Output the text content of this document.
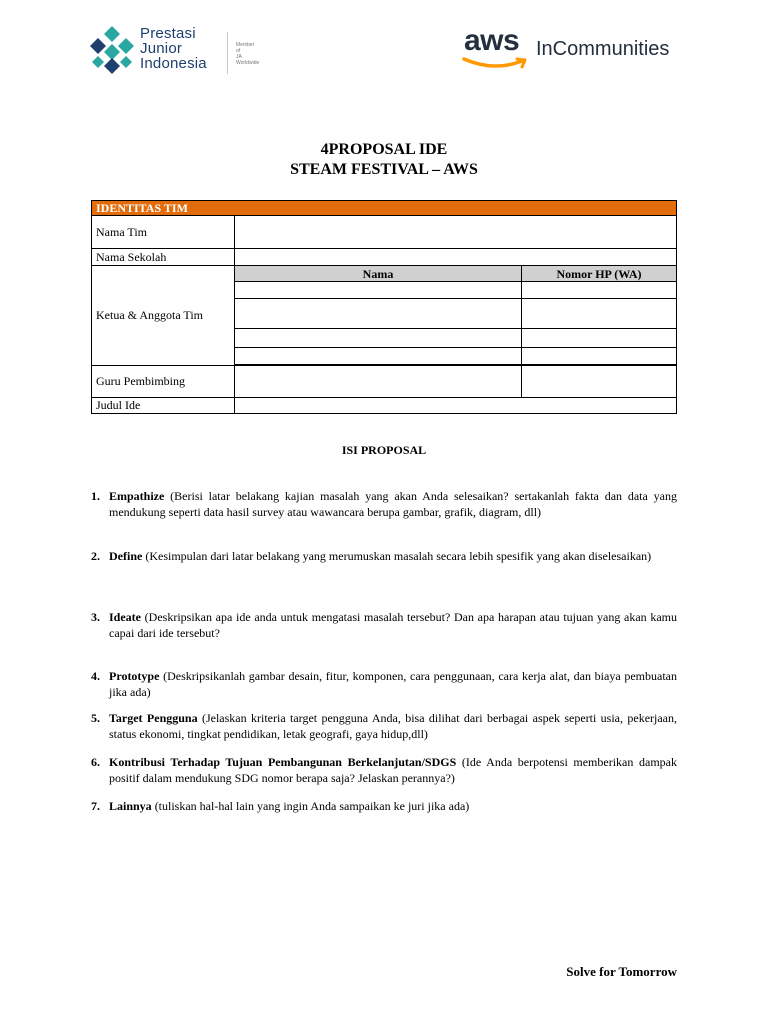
Prestasi
Junior
Indonesia
Member of
JA Worldwide
aws InCommunities
4PROPOSAL IDE
STEAM FESTIVAL – AWS
IDENTITAS TIM		
Nama Tim		
Nama Sekolah		
Ketua & Anggota Tim	Nama	Nomor HP (WA)

Guru Pembimbing		
Judul Ide		
ISI PROPOSAL
1. Empathize (Berisi latar belakang kajian masalah yang akan Anda selesaikan? sertakanlah fakta dan data yang mendukung seperti data hasil survey atau wawancara berupa gambar, grafik, diagram, dll)
2. Define (Kesimpulan dari latar belakang yang merumuskan masalah secara lebih spesifik yang akan diselesaikan)
3. Ideate (Deskripsikan apa ide anda untuk mengatasi masalah tersebut? Dan apa harapan atau tujuan yang akan kamu capai dari ide tersebut?
4. Prototype (Deskripsikanlah gambar desain, fitur, komponen, cara penggunaan, cara kerja alat, dan biaya pembuatan jika ada)
5. Target Pengguna (Jelaskan kriteria target pengguna Anda, bisa dilihat dari berbagai aspek seperti usia, pekerjaan, status ekonomi, tingkat pendidikan, letak geografi, gaya hidup,dll)
6. Kontribusi Terhadap Tujuan Pembangunan Berkelanjutan/SDGS (Ide Anda berpotensi memberikan dampak positif dalam mendukung SDG nomor berapa saja? Jelaskan perannya?)
7. Lainnya (tuliskan hal-hal lain yang ingin Anda sampaikan ke juri jika ada)
Solve for Tomorrow
